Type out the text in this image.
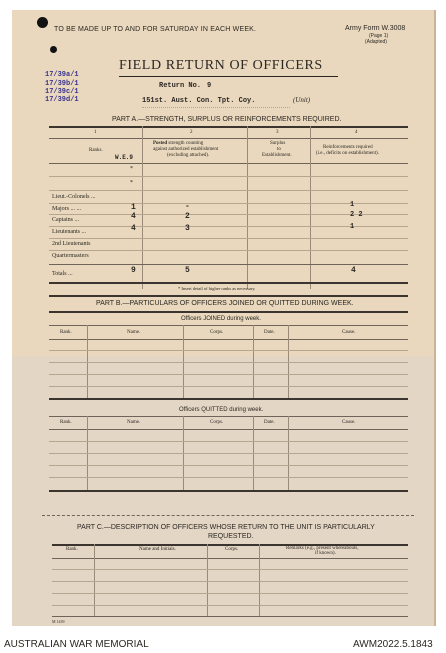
TO BE MADE UP TO AND FOR SATURDAY IN EACH WEEK.	Army Form W.3008
(Page 1)
(Adapted)
17/39a/1
17/39b/1
17/39c/1
17/39d/1
FIELD RETURN OF OFFICERS
Return No. 9
151st. Aust. Con. Tpt. Coy.	(Unit)
PART A.—STRENGTH, SURPLUS OR REINFORCEMENTS REQUIRED.
1	2	3	4
Ranks.
W.E.9
Posted strength counting
against authorized establishment
(excluding attached).
Surplus
to
Establishment.
Reinforcements required
(i.e., deficits on establishment).
*
*
Lieut.-Colonels ...
Majors ... ...	1	-	1
Captains ...	4	2	2 2
Lieutenants ...	4	3	1
2nd Lieutenants
Quartermasters
Totals ...	9	5	4
* Insert detail of higher ranks as necessary.
PART B.—PARTICULARS OF OFFICERS JOINED OR QUITTED DURING WEEK.
Officers JOINED during week.
Rank.	Name.	Corps.	Date.	Cause.
Officers QUITTED during week.
Rank.	Name.	Corps.	Date.	Cause.
PART C.—DESCRIPTION OF OFFICERS WHOSE RETURN TO THE UNIT IS PARTICULARLY
REQUESTED.
Rank.	Name and Initials.	Corps.	Remarks (e.g., present whereabouts,
if known).
M 1439
AUSTRALIAN WAR MEMORIAL	AWM2022.5.1843
